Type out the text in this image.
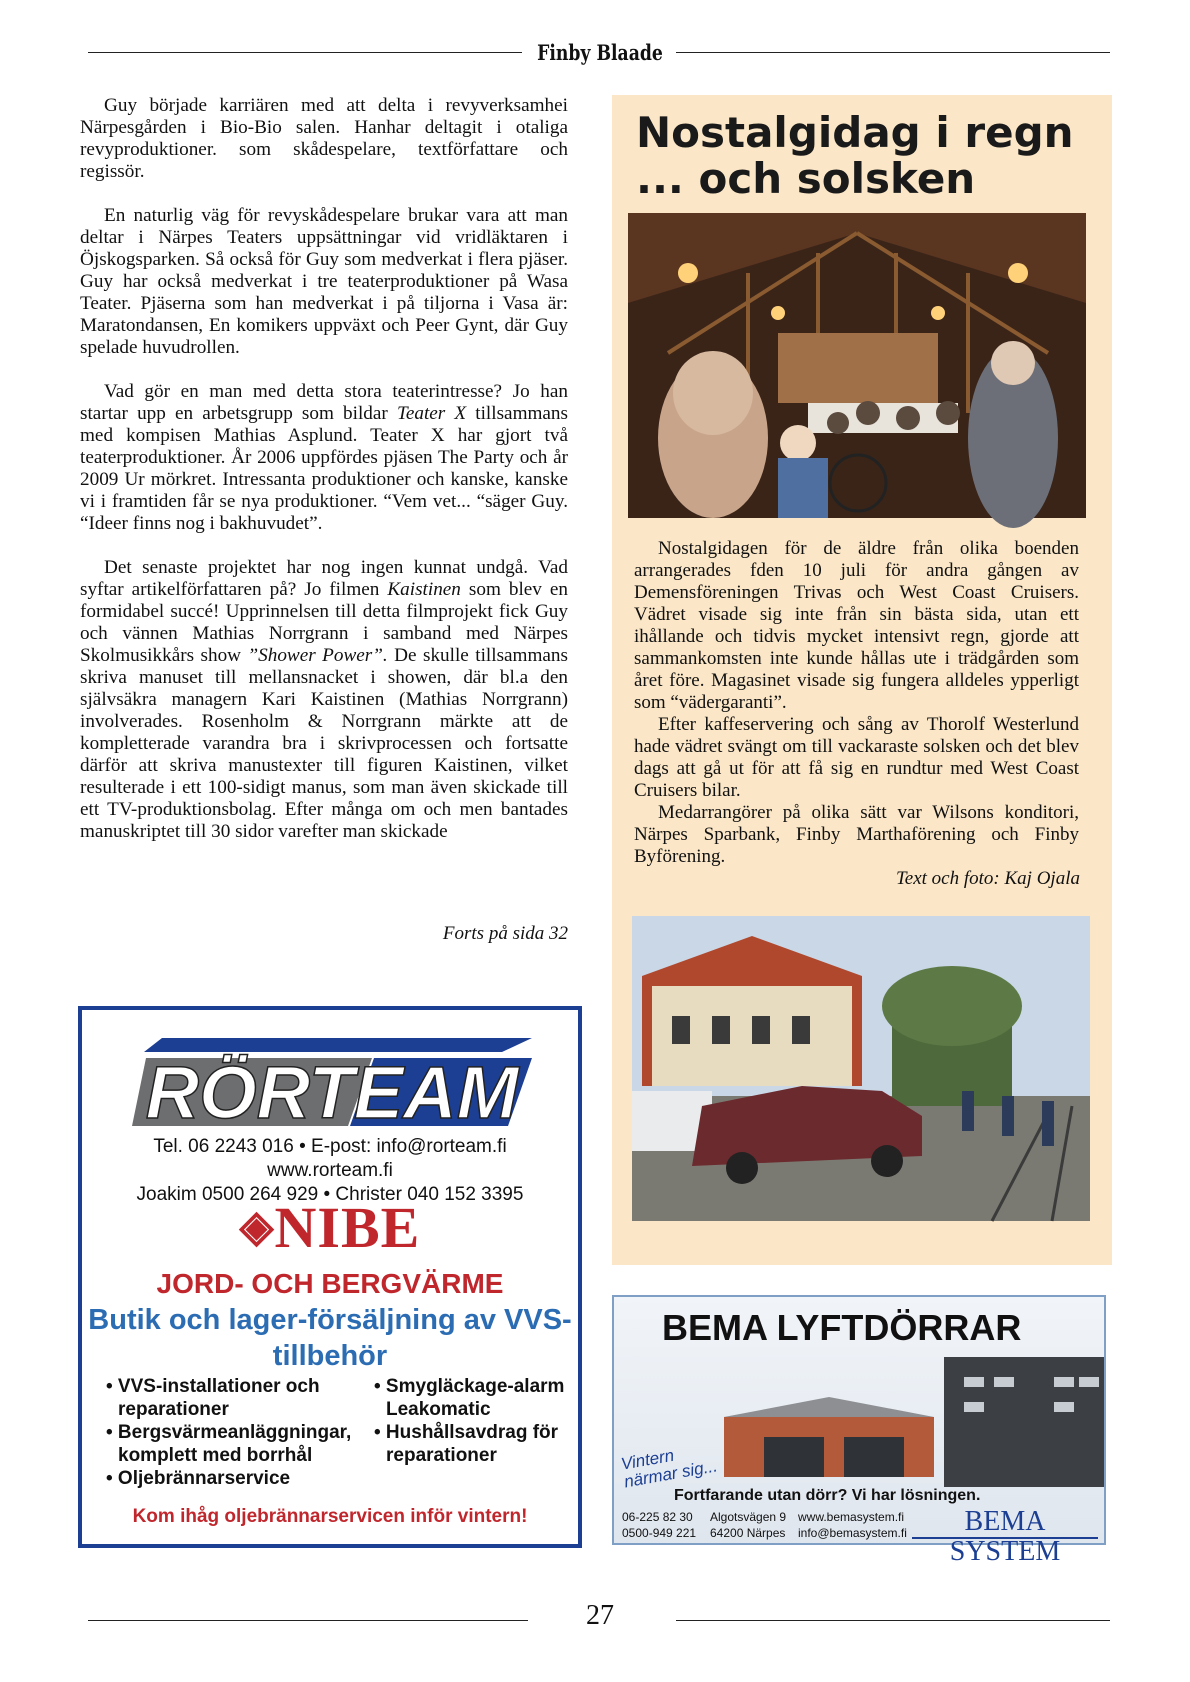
Finby Blaade

Guy började karriären med att delta i revyverksamhei Närpesgården i Bio-Bio salen. Hanhar deltagit i otaliga revyproduktioner. som skådespelare, textförfattare och regissör.

En naturlig väg för revyskådespelare brukar vara att man deltar i Närpes Teaters uppsättningar vid vridläktaren i Öjskogsparken. Så också för Guy som medverkat i flera pjäser. Guy har också medverkat i tre teaterproduktioner på Wasa Teater. Pjäserna som han medverkat i på tiljorna i Vasa är: Maratondansen, En komikers uppväxt och Peer Gynt, där Guy spelade huvudrollen.

Vad gör en man med detta stora teaterintresse? Jo han startar upp en arbetsgrupp som bildar Teater X tillsammans med kompisen Mathias Asplund. Teater X har gjort två teaterproduktioner. År 2006 uppfördes pjäsen The Party och år 2009 Ur mörkret. Intressanta produktioner och kanske, kanske vi i framtiden får se nya produktioner. “Vem vet... “säger Guy. “Ideer finns nog i bakhuvudet”.

Det senaste projektet har nog ingen kunnat undgå. Vad syftar artikelförfattaren på? Jo filmen Kaistinen som blev en formidabel succé! Upprinnelsen till detta filmprojekt fick Guy och vännen Mathias Norrgrann i samband med Närpes Skolmusikkårs show ”Shower Power”. De skulle tillsammans skriva manuset till mellansnacket i showen, där bl.a den självsäkra managern Kari Kaistinen (Mathias Norrgrann) involverades. Rosenholm & Norrgrann märkte att de kompletterade varandra bra i skrivprocessen och fortsatte därför att skriva manustexter till figuren Kaistinen, vilket resulterade i ett 100-sidigt manus, som man även skickade till ett TV-produktionsbolag. Efter många om och men bantades manuskriptet till 30 sidor varefter man skickade

Forts på sida 32
Nostalgidag i regn ... och solsken

Nostalgidagen för de äldre från olika boenden arrangerades fden 10 juli för andra gången av Demensföreningen Trivas och West Coast Cruisers. Vädret visade sig inte från sin bästa sida, utan ett ihållande och tidvis mycket intensivt regn, gjorde att sammankomsten inte kunde hållas ute i trädgården som året före. Magasinet visade sig fungera alldeles ypperligt som “vädergaranti”.

Efter kaffeservering och sång av Thorolf Westerlund hade vädret svängt om till vackaraste solsken och det blev dags att gå ut för att få sig en rundtur med West Coast Cruisers bilar.

Medarrangörer på olika sätt var Wilsons konditori, Närpes Sparbank, Finby Marthaförening och Finby Byförening.

Text och foto: Kaj Ojala
RÖRTEAM
Tel. 06 2243 016 • E-post: info@rorteam.fi
www.rorteam.fi
Joakim 0500 264 929 • Christer 040 152 3395
◈NIBE
JORD- OCH BERGVÄRME
Butik och lager-försäljning av VVS-tillbehör
• VVS-installationer och reparationer
• Bergsvärmeanläggningar, komplett med borrhål
• Oljebrännarservice
• Smygläckage-alarm Leakomatic
• Hushållsavdrag för reparationer
Kom ihåg oljebrännarservicen inför vintern!
BEMA LYFTDÖRRAR
Vintern närmar sig...
Fortfarande utan dörr? Vi har lösningen.
06-225 82 30
0500-949 221
Algotsvägen 9
64200 Närpes
www.bemasystem.fi
info@bemasystem.fi	BEMA SYSTEM
27
